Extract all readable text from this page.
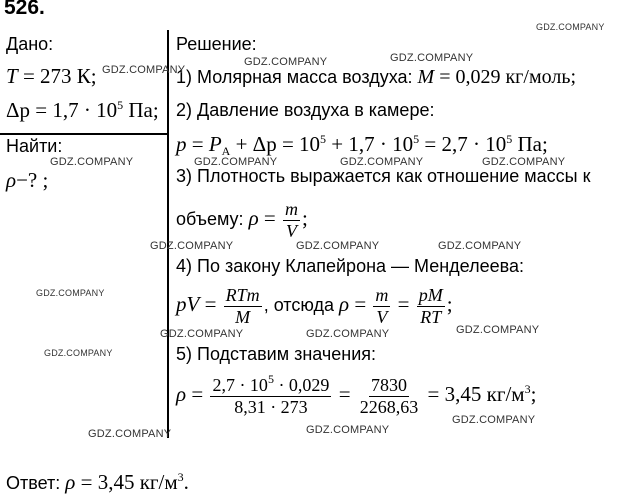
526.
Дано:
T = 273 К;
$\Delta p = 1,7 \cdot 10^5$ Па;
Найти:
ρ−? ;
Решение:
1) Молярная масса воздуха: M = 0,029 кг/моль;
2) Давление воздуха в камере:
$p = P_A + \Delta p = 10^5 + 1,7 \cdot 10^5 = 2,7 \cdot 10^5$ Па;
3) Плотность выражается как отношение массы к
объему: $\rho = \frac{m}{V}$ ;
4) По закону Клапейрона — Менделеева:
pV = $\frac{\text{RTm}}{M}$ , отсюда $\rho = \frac{m}{V} = \frac{pM}{RT}$ ;
5) Подставим значения:
$\rho = \frac{2,7 \cdot 10^5 \cdot 0,029}{8,31 \cdot 273} = \frac{7830}{2268,63} = 3,45$ $кг/м^3$;
Ответ: ρ = 3,45 $кг/м^3$.
GDZ.COMPANY
GDZ.COMPANY
GDZ.COMPANY	GDZ.COMPANY
GDZ.COMPANY	GDZ.COMPANY	GDZ.COMPANY	GDZ.COMPANY
GDZ.COMPANY	GDZ.COMPANY	GDZ.COMPANY
GDZ.COMPANY
GDZ.COMPANY	GDZ.COMPANY	GDZ.COMPANY
GDZ.COMPANY
GDZ.COMPANY	GDZ.COMPANY
GDZ.COMPANY
